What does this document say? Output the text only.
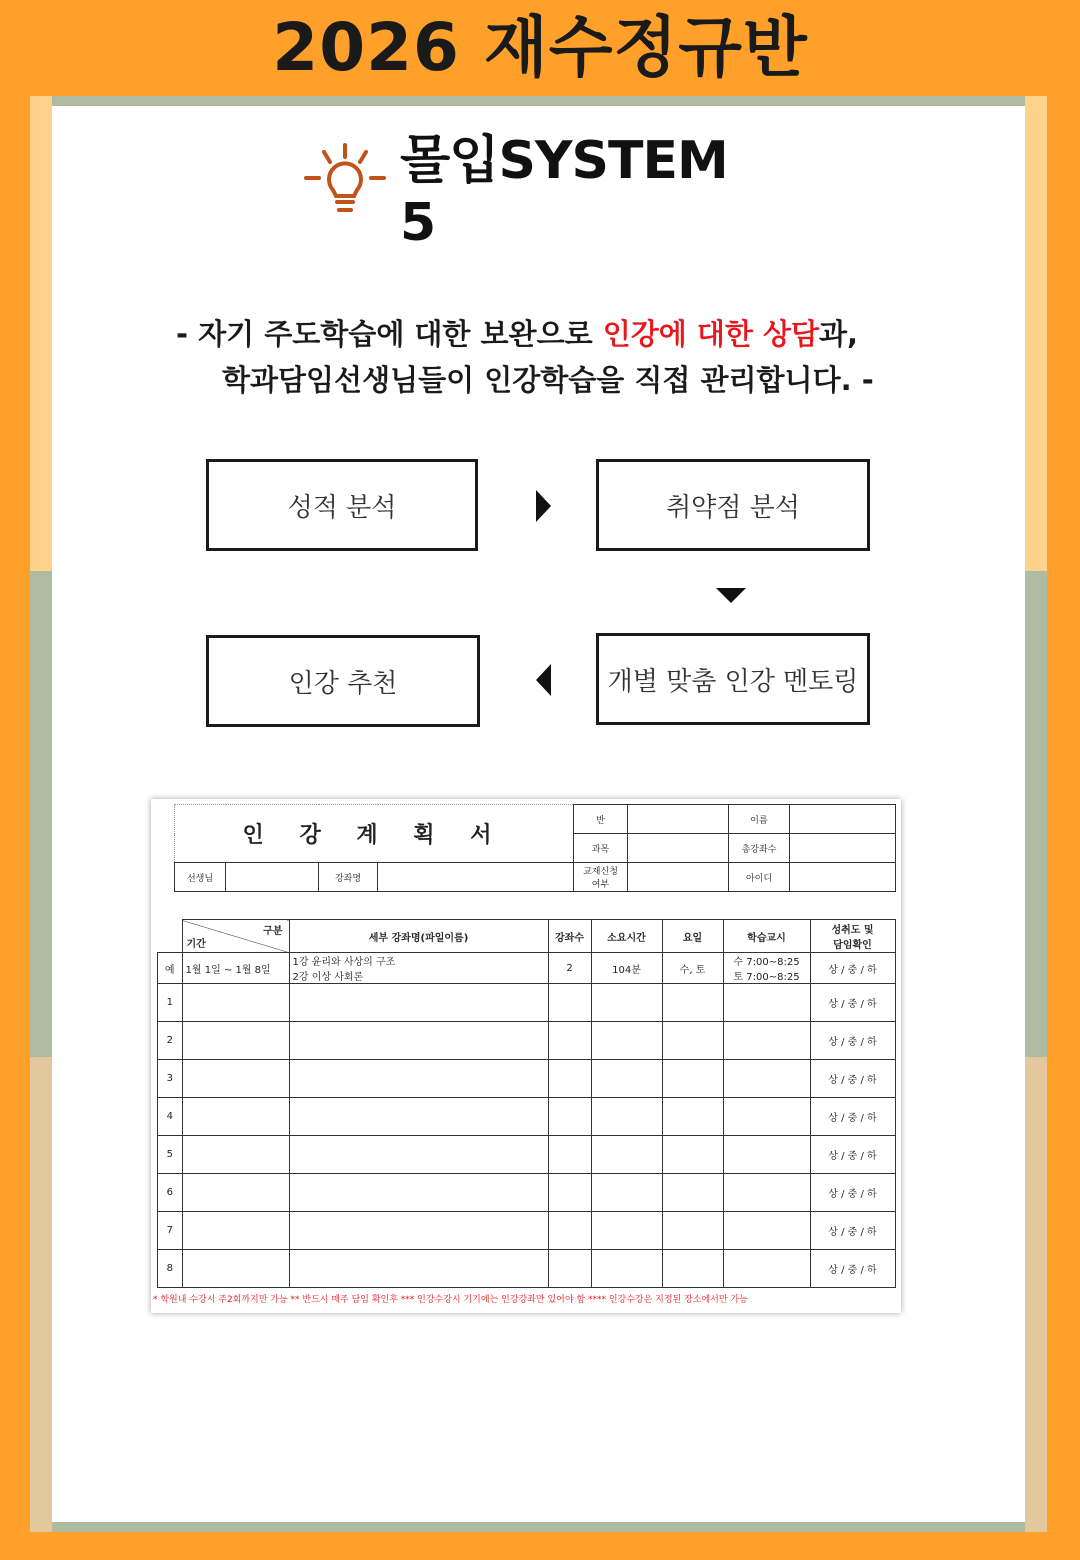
2026 재수정규반
몰입SYSTEM 5
- 자기 주도학습에 대한 보완으로 인강에 대한 상담과,
학과담임선생님들이 인강학습을 직접 관리합니다. -
성적 분석	취약점 분석
개별 맞춤 인강 멘토링
인강 추천
인 강 계 획 서				반		이름	
				과목		총강좌수	
선생님		강좌명		교재신청
여부		아이디	

	구분
기간	세부 강좌명(파일이름)	강좌수	소요시간	요일	학습교시	성취도 및
담임확인
예	1월 1일 ~ 1월 8일	1강 윤리와 사상의 구조
2강 이상 사회론	2	104분	수, 토	수 7:00~8:25
토 7:00~8:25	상 / 중 / 하
1							상 / 중 / 하
2							상 / 중 / 하
3							상 / 중 / 하
4							상 / 중 / 하
5							상 / 중 / 하
6							상 / 중 / 하
7							상 / 중 / 하
8							상 / 중 / 하
* 학원내 수강시 주2회까지만 가능 ** 반드시 매주 담임 확인후 *** 인강수강시 기기에는 인강강좌만 있어야 함 **** 인강수강은 지정된 장소에서만 가능
